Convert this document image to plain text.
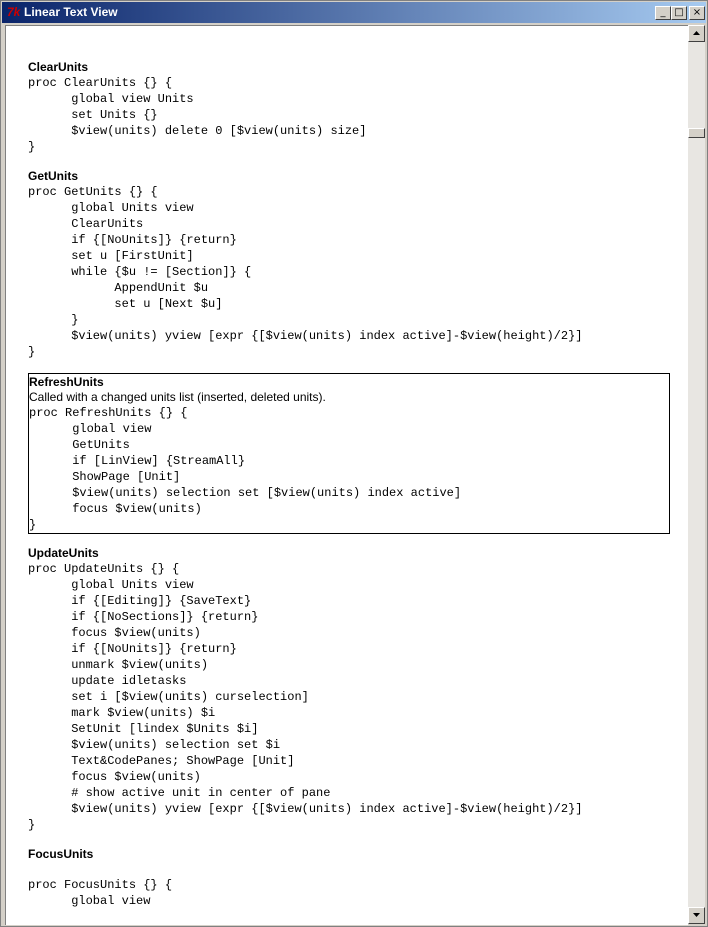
7k Linear Text View	_ □ ×
ClearUnits
proc ClearUnits {} {
global view Units
set Units {}
$view(units) delete 0 [$view(units) size]
}
GetUnits
proc GetUnits {} {
global Units view
ClearUnits
if {[NoUnits]} {return}
set u [FirstUnit]
while {$u != [Section]} {
AppendUnit $u
set u [Next $u]
}
$view(units) yview [expr {[$view(units) index active]-$view(height)/2}]
}
RefreshUnits
Called with a changed units list (inserted, deleted units).
proc RefreshUnits {} {
global view
GetUnits
if [LinView] {StreamAll}
ShowPage [Unit]
$view(units) selection set [$view(units) index active]
focus $view(units)
}
UpdateUnits
proc UpdateUnits {} {
global Units view
if {[Editing]} {SaveText}
if {[NoSections]} {return}
focus $view(units)
if {[NoUnits]} {return}
unmark $view(units)
update idletasks
set i [$view(units) curselection]
mark $view(units) $i
SetUnit [lindex $Units $i]
$view(units) selection set $i
Text&CodePanes; ShowPage [Unit]
focus $view(units)
# show active unit in center of pane
$view(units) yview [expr {[$view(units) index active]-$view(height)/2}]
}
FocusUnits
proc FocusUnits {} {
global view
